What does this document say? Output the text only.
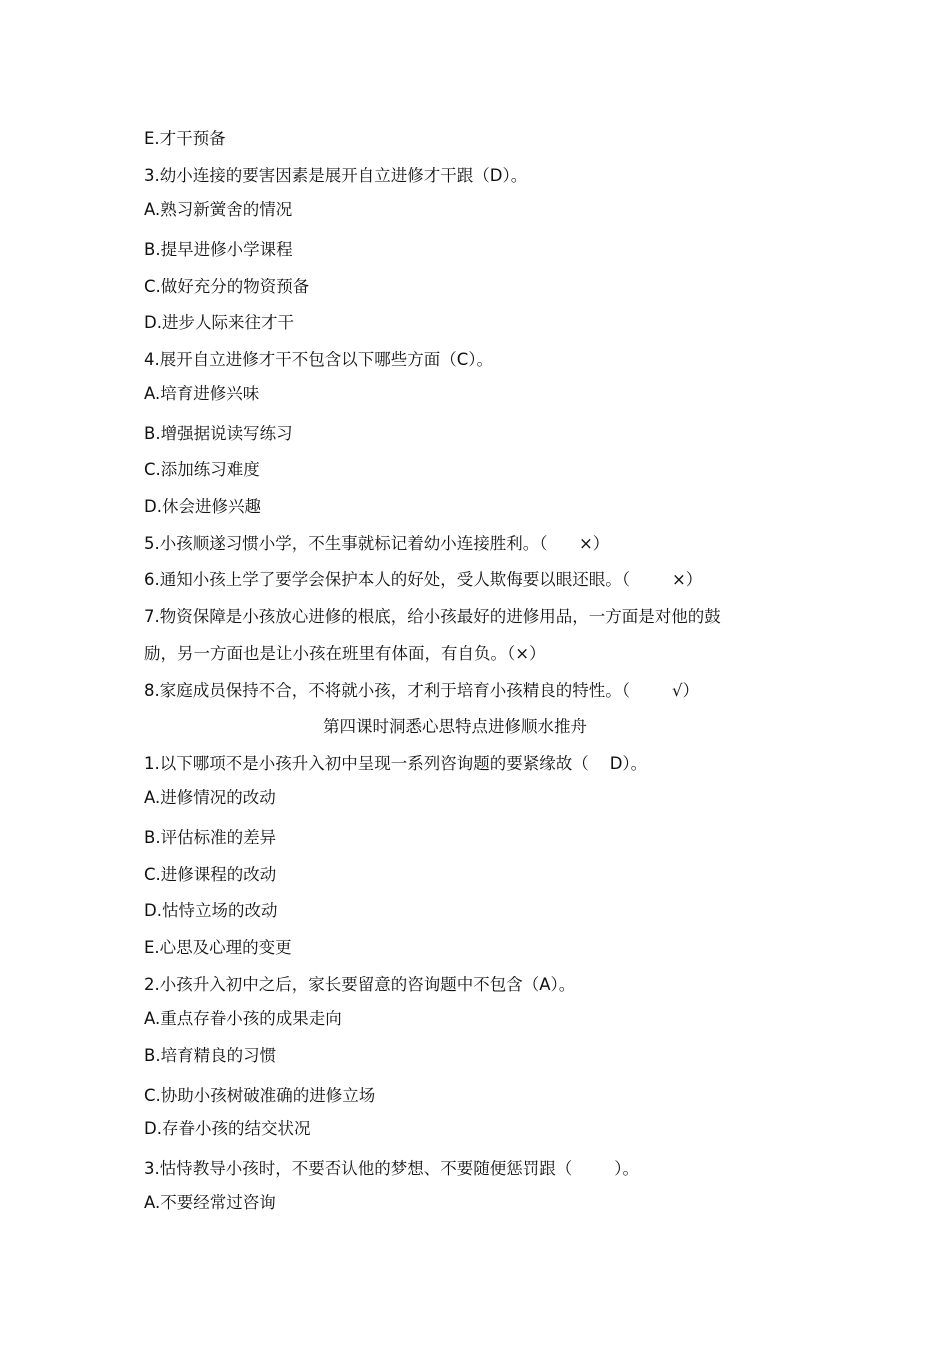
E.才干预备
3.幼小连接的要害因素是展开自立进修才干跟（D）。
A.熟习新黉舍的情况
B.提早进修小学课程
C.做好充分的物资预备
D.进步人际来往才干
4.展开自立进修才干不包含以下哪些方面（C）。
A.培育进修兴味
B.增强据说读写练习
C.添加练习难度
D.休会进修兴趣
5.小孩顺遂习惯小学，不生事就标记着幼小连接胜利。（      ×）
6.通知小孩上学了要学会保护本人的好处，受人欺侮要以眼还眼。（        ×）
7.物资保障是小孩放心进修的根底，给小孩最好的进修用品，一方面是对他的鼓
励，另一方面也是让小孩在班里有体面，有自负。（×）
8.家庭成员保持不合，不将就小孩，才利于培育小孩精良的特性。（        √）
第四课时洞悉心思特点进修顺水推舟
1.以下哪项不是小孩升入初中呈现一系列咨询题的要紧缘故（    D）。
A.进修情况的改动
B.评估标准的差异
C.进修课程的改动
D.怙恃立场的改动
E.心思及心理的变更
2.小孩升入初中之后，家长要留意的咨询题中不包含（A）。
A.重点存眷小孩的成果走向
B.培育精良的习惯
C.协助小孩树破准确的进修立场
D.存眷小孩的结交状况
3.怙恃教导小孩时，不要否认他的梦想、不要随便惩罚跟（        ）。
A.不要经常过咨询
